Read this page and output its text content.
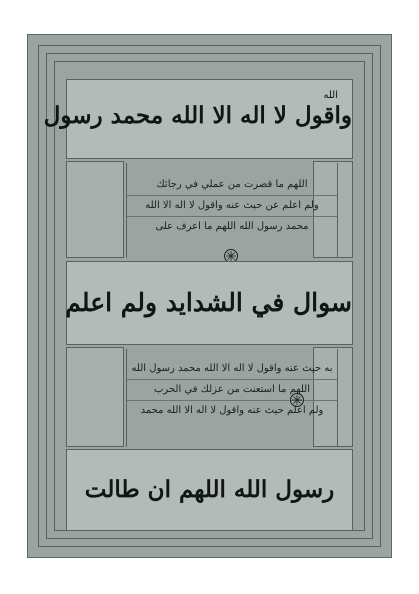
واقول لا اله الا الله محمد رسول
الله
اللهم ما قصرت من عملي في رجائك
ولم اعلم عن حيث عنه واقول لا اله الا الله
محمد رسول الله اللهم ما اعرف على
سوال في الشدايد ولم اعلم
به حيث عنه واقول لا اله الا الله محمد رسول الله
اللهم ما استعنت من عزلك في الحرب
ولم اعلم حيث عنه واقول لا اله الا الله محمد
رسول الله اللهم ان طالت
